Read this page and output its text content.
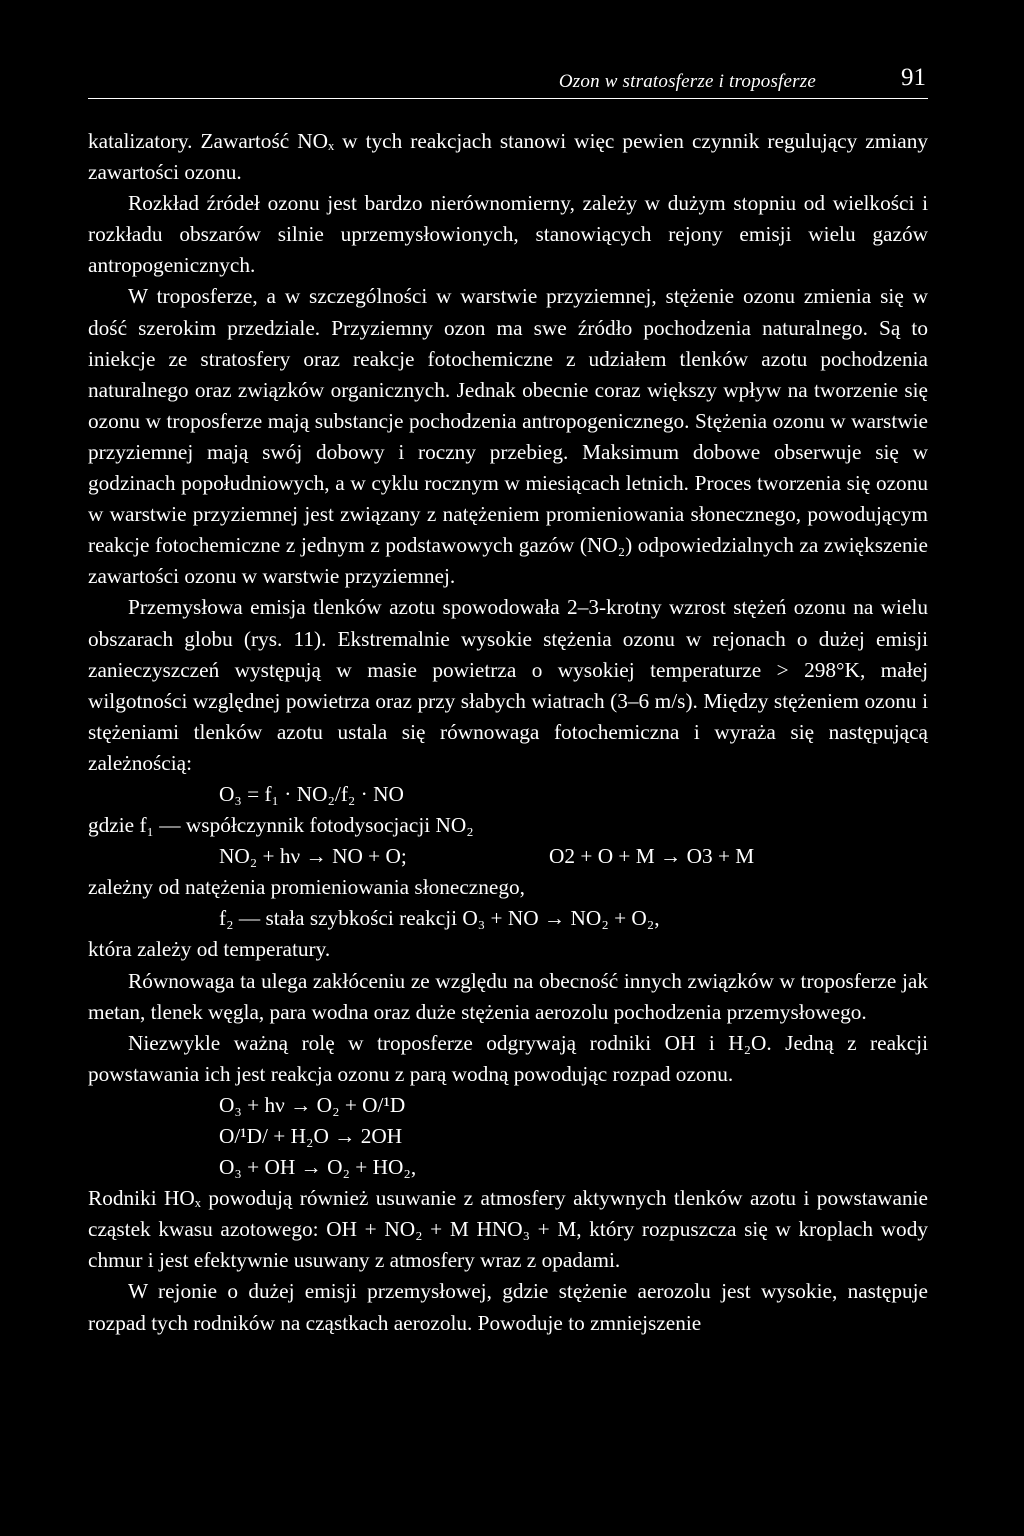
Ozon w stratosferze i troposferze	91

katalizatory. Zawartość NOₓ w tych reakcjach stanowi więc pewien czynnik regulujący zmiany zawartości ozonu.

Rozkład źródeł ozonu jest bardzo nierównomierny, zależy w dużym stopniu od wielkości i rozkładu obszarów silnie uprzemysłowionych, stanowiących rejony emisji wielu gazów antropogenicznych.

W troposferze, a w szczególności w warstwie przyziemnej, stężenie ozonu zmienia się w dość szerokim przedziale. Przyziemny ozon ma swe źródło pochodzenia naturalnego. Są to iniekcje ze stratosfery oraz reakcje fotochemiczne z udziałem tlenków azotu pochodzenia naturalnego oraz związków organicznych. Jednak obecnie coraz większy wpływ na tworzenie się ozonu w troposferze mają substancje pochodzenia antropogenicznego. Stężenia ozonu w warstwie przyziemnej mają swój dobowy i roczny przebieg. Maksimum dobowe obserwuje się w godzinach popołudniowych, a w cyklu rocznym w miesiącach letnich. Proces tworzenia się ozonu w warstwie przyziemnej jest związany z natężeniem promieniowania słonecznego, powodującym reakcje fotochemiczne z jednym z podstawowych gazów (NO₂) odpowiedzialnych za zwiększenie zawartości ozonu w warstwie przyziemnej.

Przemysłowa emisja tlenków azotu spowodowała 2–3-krotny wzrost stężeń ozonu na wielu obszarach globu (rys. 11). Ekstremalnie wysokie stężenia ozonu w rejonach o dużej emisji zanieczyszczeń występują w masie powietrza o wysokiej temperaturze > 298°K, małej wilgotności względnej powietrza oraz przy słabych wiatrach (3–6 m/s). Między stężeniem ozonu i stężeniami tlenków azotu ustala się równowaga fotochemiczna i wyraża się następującą zależnością:

O₃ = f₁ · NO₂/f₂ · NO

gdzie f₁ — współczynnik fotodysocjacji NO₂

NO₂ + hν → NO + O;	O2 + O + M → O3 + M

zależny od natężenia promieniowania słonecznego,

f₂ — stała szybkości reakcji O₃ + NO → NO₂ + O₂,

która zależy od temperatury.

Równowaga ta ulega zakłóceniu ze względu na obecność innych związków w troposferze jak metan, tlenek węgla, para wodna oraz duże stężenia aerozolu pochodzenia przemysłowego.

Niezwykle ważną rolę w troposferze odgrywają rodniki OH i H₂O. Jedną z reakcji powstawania ich jest reakcja ozonu z parą wodną powodując rozpad ozonu.

O₃ + hν → O₂ + O/¹D

O/¹D/ + H₂O → 2OH

O₃ + OH → O₂ + HO₂,

Rodniki HOₓ powodują również usuwanie z atmosfery aktywnych tlenków azotu i powstawanie cząstek kwasu azotowego: OH + NO₂ + M HNO₃ + M, który rozpuszcza się w kroplach wody chmur i jest efektywnie usuwany z atmosfery wraz z opadami.

W rejonie o dużej emisji przemysłowej, gdzie stężenie aerozolu jest wysokie, następuje rozpad tych rodników na cząstkach aerozolu. Powoduje to zmniejszenie
